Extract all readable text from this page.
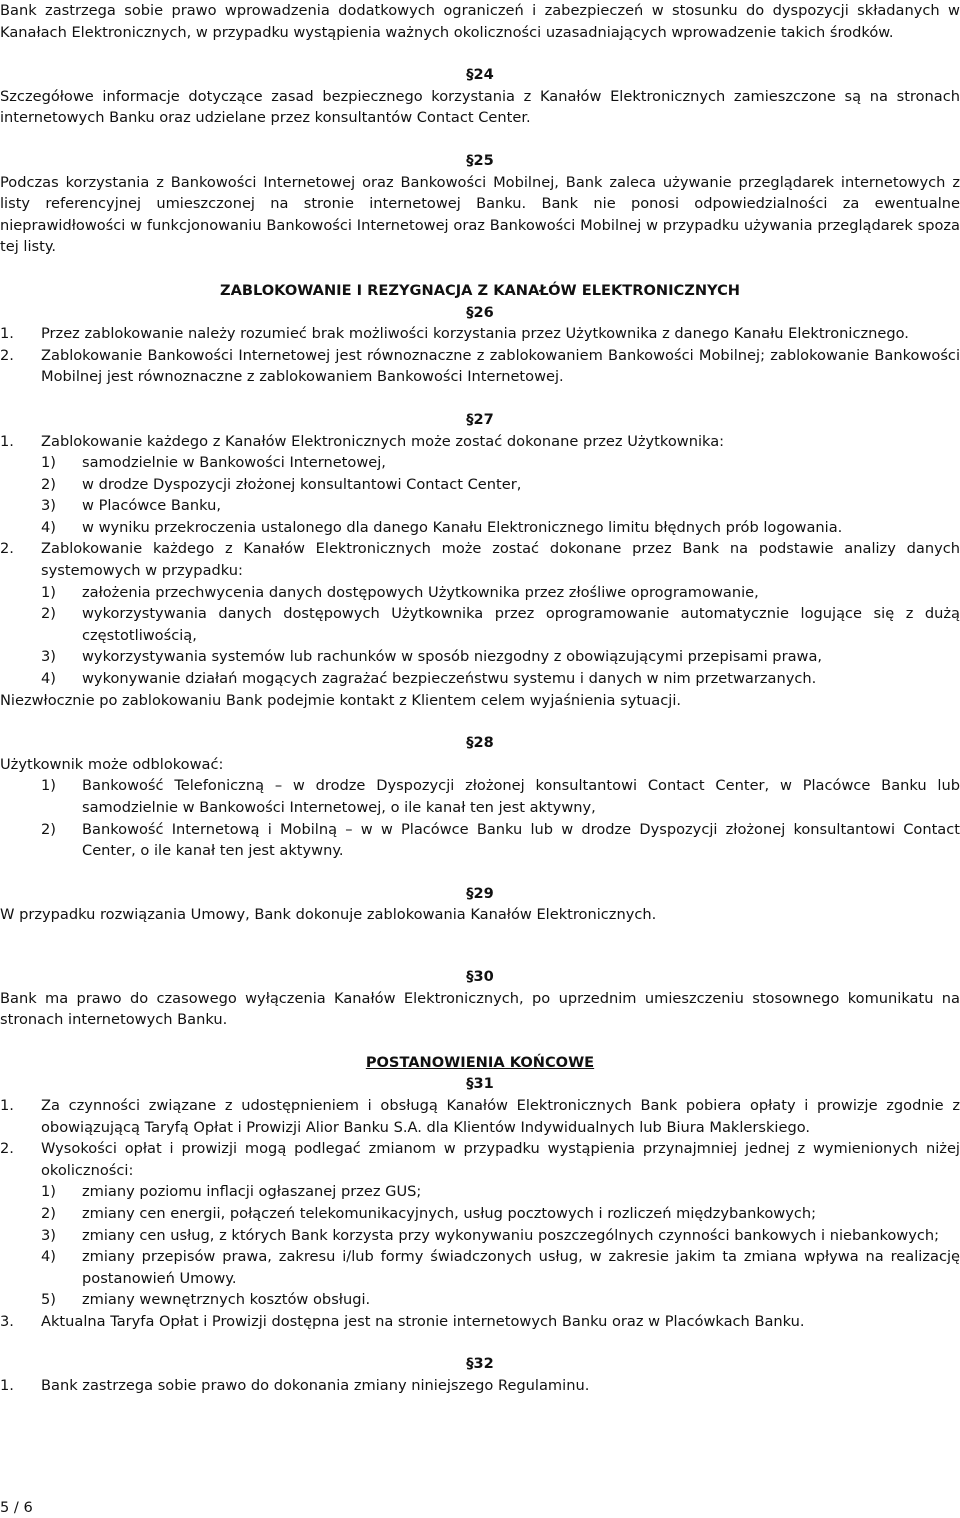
Bank zastrzega sobie prawo wprowadzenia dodatkowych ograniczeń i zabezpieczeń w stosunku do dyspozycji składanych w Kanałach Elektronicznych, w przypadku wystąpienia ważnych okoliczności uzasadniających wprowadzenie takich środków.

§24

Szczegółowe informacje dotyczące zasad bezpiecznego korzystania z Kanałów Elektronicznych zamieszczone są na stronach internetowych Banku oraz udzielane przez konsultantów Contact Center.

§25

Podczas korzystania z Bankowości Internetowej oraz Bankowości Mobilnej, Bank zaleca używanie przeglądarek internetowych z listy referencyjnej umieszczonej na stronie internetowej Banku. Bank nie ponosi odpowiedzialności za ewentualne nieprawidłowości w funkcjonowaniu Bankowości Internetowej oraz Bankowości Mobilnej w przypadku używania przeglądarek spoza tej listy.

ZABLOKOWANIE I REZYGNACJA Z KANAŁÓW ELEKTRONICZNYCH

§26

1.	Przez zablokowanie należy rozumieć brak możliwości korzystania przez Użytkownika z danego Kanału Elektronicznego.
2.	Zablokowanie Bankowości Internetowej jest równoznaczne z zablokowaniem Bankowości Mobilnej; zablokowanie Bankowości Mobilnej jest równoznaczne z zablokowaniem Bankowości Internetowej.

§27

1.	Zablokowanie każdego z Kanałów Elektronicznych może zostać dokonane przez Użytkownika:
1)	samodzielnie w Bankowości Internetowej,
2)	w drodze Dyspozycji złożonej konsultantowi Contact Center,
3)	w Placówce Banku,
4)	w wyniku przekroczenia ustalonego dla danego Kanału Elektronicznego limitu błędnych prób logowania.
2.	Zablokowanie każdego z Kanałów Elektronicznych może zostać dokonane przez Bank na podstawie analizy danych systemowych w przypadku:
1)	założenia przechwycenia danych dostępowych Użytkownika przez złośliwe oprogramowanie,
2)	wykorzystywania danych dostępowych Użytkownika przez oprogramowanie automatycznie logujące się z dużą częstotliwością,
3)	wykorzystywania systemów lub rachunków w sposób niezgodny z obowiązującymi przepisami prawa,
4)	wykonywanie działań mogących zagrażać bezpieczeństwu systemu i danych w nim przetwarzanych.

Niezwłocznie po zablokowaniu Bank podejmie kontakt z Klientem celem wyjaśnienia sytuacji.

§28

Użytkownik może odblokować:

1)	Bankowość Telefoniczną – w drodze Dyspozycji złożonej konsultantowi Contact Center, w Placówce Banku lub samodzielnie w Bankowości Internetowej, o ile kanał ten jest aktywny,
2)	Bankowość Internetową i Mobilną – w w Placówce Banku lub w drodze Dyspozycji złożonej konsultantowi Contact Center, o ile kanał ten jest aktywny.

§29

W przypadku rozwiązania Umowy, Bank dokonuje zablokowania Kanałów Elektronicznych.

§30

Bank ma prawo do czasowego wyłączenia Kanałów Elektronicznych, po uprzednim umieszczeniu stosownego komunikatu na stronach internetowych Banku.

POSTANOWIENIA KOŃCOWE

§31

1.	Za czynności związane z udostępnieniem i obsługą Kanałów Elektronicznych Bank pobiera opłaty i prowizje zgodnie z obowiązującą Taryfą Opłat i Prowizji Alior Banku S.A. dla Klientów Indywidualnych lub Biura Maklerskiego.
2.	Wysokości opłat i prowizji mogą podlegać zmianom w przypadku wystąpienia przynajmniej jednej z wymienionych niżej okoliczności:
1)	zmiany poziomu inflacji ogłaszanej przez GUS;
2)	zmiany cen energii, połączeń telekomunikacyjnych, usług pocztowych i rozliczeń międzybankowych;
3)	zmiany cen usług, z których Bank korzysta przy wykonywaniu poszczególnych czynności bankowych i niebankowych;
4)	zmiany przepisów prawa, zakresu i/lub formy świadczonych usług, w zakresie jakim ta zmiana wpływa na realizację postanowień Umowy.
5)	zmiany wewnętrznych kosztów obsługi.
3.	Aktualna Taryfa Opłat i Prowizji dostępna jest na stronie internetowych Banku oraz w Placówkach Banku.

§32

1.	Bank zastrzega sobie prawo do dokonania zmiany niniejszego Regulaminu.
5 / 6
